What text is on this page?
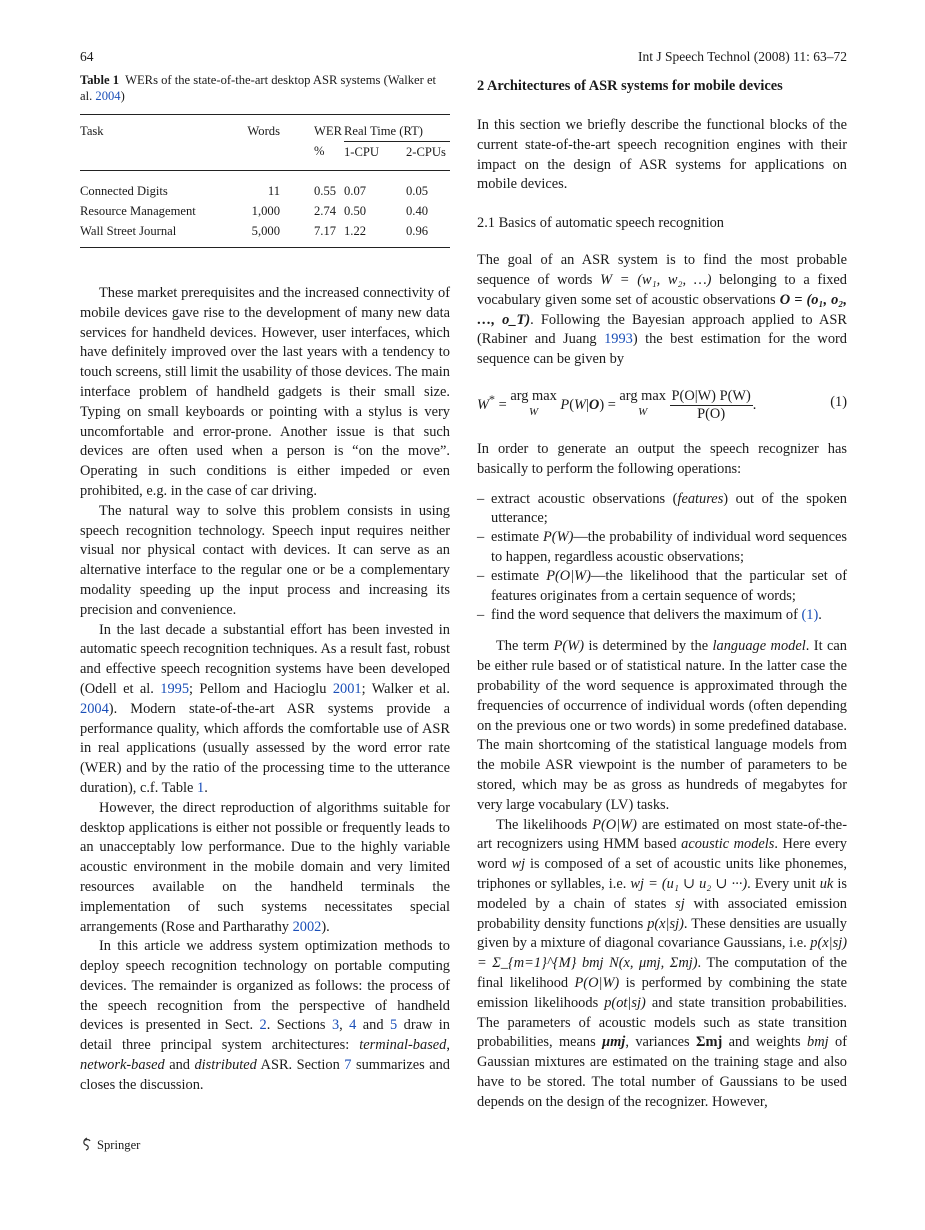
64	Int J Speech Technol (2008) 11: 63–72
Table 1 WERs of the state-of-the-art desktop ASR systems (Walker et al. 2004)
Task	Words	WER	Real Time (RT)	
		%	1-CPU	2-CPUs
Connected Digits	11	0.55	0.07	0.05
Resource Management	1,000	2.74	0.50	0.40
Wall Street Journal	5,000	7.17	1.22	0.96

These market prerequisites and the increased connectivity of mobile devices gave rise to the development of many new data services for handheld devices. However, user interfaces, which have definitely improved over the last years with a tendency to touch screens, still limit the usability of those devices. The main interface problem of handheld gadgets is their small size. Typing on small keyboards or pointing with a stylus is very uncomfortable and error-prone. Another issue is that such devices are often used when a person is “on the move”. Operating in such conditions is either impeded or even prohibited, e.g. in the case of car driving.

The natural way to solve this problem consists in using speech recognition technology. Speech input requires neither visual nor physical contact with devices. It can serve as an alternative interface to the regular one or be a complementary modality speeding up the input process and increasing its precision and convenience.

In the last decade a substantial effort has been invested in automatic speech recognition techniques. As a result fast, robust and effective speech recognition systems have been developed (Odell et al. 1995; Pellom and Hacioglu 2001; Walker et al. 2004). Modern state-of-the-art ASR systems provide a performance quality, which affords the comfortable use of ASR in real applications (usually assessed by the word error rate (WER) and by the ratio of the processing time to the utterance duration), c.f. Table 1.

However, the direct reproduction of algorithms suitable for desktop applications is either not possible or frequently leads to an unacceptably low performance. Due to the highly variable acoustic environment in the mobile domain and very limited resources available on the handheld terminals the implementation of such systems necessitates special arrangements (Rose and Partharathy 2002).

In this article we address system optimization methods to deploy speech recognition technology on portable computing devices. The remainder is organized as follows: the process of the speech recognition from the perspective of handheld devices is presented in Sect. 2. Sections 3, 4 and 5 draw in detail three principal system architectures: terminal-based, network-based and distributed ASR. Section 7 summarizes and closes the discussion.

2 Architectures of ASR systems for mobile devices

In this section we briefly describe the functional blocks of the current state-of-the-art speech recognition engines with their impact on the design of ASR systems for applications on mobile devices.

2.1 Basics of automatic speech recognition

The goal of an ASR system is to find the most probable sequence of words W = (w₁, w₂, …) belonging to a fixed vocabulary given some set of acoustic observations O = (o₁, o₂, …, o_T). Following the Bayesian approach applied to ASR (Rabiner and Juang 1993) the best estimation for the word sequence can be given by

W* = arg max
W	P(W|O) = arg max
W
	$\frac{P(O|W) P(W)}{P(O)}$ .	(1)

In order to generate an output the speech recognizer has basically to perform the following operations:

– extract acoustic observations (features) out of the spoken utterance;
– estimate P(W)—the probability of individual word sequences to happen, regardless acoustic observations;
– estimate P(O|W)—the likelihood that the particular set of features originates from a certain sequence of words;
– find the word sequence that delivers the maximum of (1).

The term P(W) is determined by the language model. It can be either rule based or of statistical nature. In the latter case the probability of the word sequence is approximated through the frequencies of occurrence of individual words (often depending on the previous one or two words) in some predefined database. The main shortcoming of the statistical language models from the mobile ASR viewpoint is the number of parameters to be stored, which may be as gross as hundreds of megabytes for very large vocabulary (LV) tasks.

The likelihoods P(O|W) are estimated on most state-of-the-art recognizers using HMM based acoustic models. Here every word wj is composed of a set of acoustic units like phonemes, triphones or syllables, i.e. wj = (u₁ ∪ u₂ ∪ ···). Every unit uk is modeled by a chain of states sj with associated emission probability density functions p(x|sj). These densities are usually given by a mixture of diagonal covariance Gaussians, i.e. p(x|sj) = Σ_{m=1}^{M} bmj N(x, μmj, Σmj). The computation of the final likelihood P(O|W) is performed by combining the state emission likelihoods p(ot|sj) and state transition probabilities. The parameters of acoustic models such as state transition probabilities, means μmj, variances Σmj and weights bmj of Gaussian mixtures are estimated on the training stage and also have to be stored. The total number of Gaussians to be used depends on the design of the recognizer. However,

Springer
